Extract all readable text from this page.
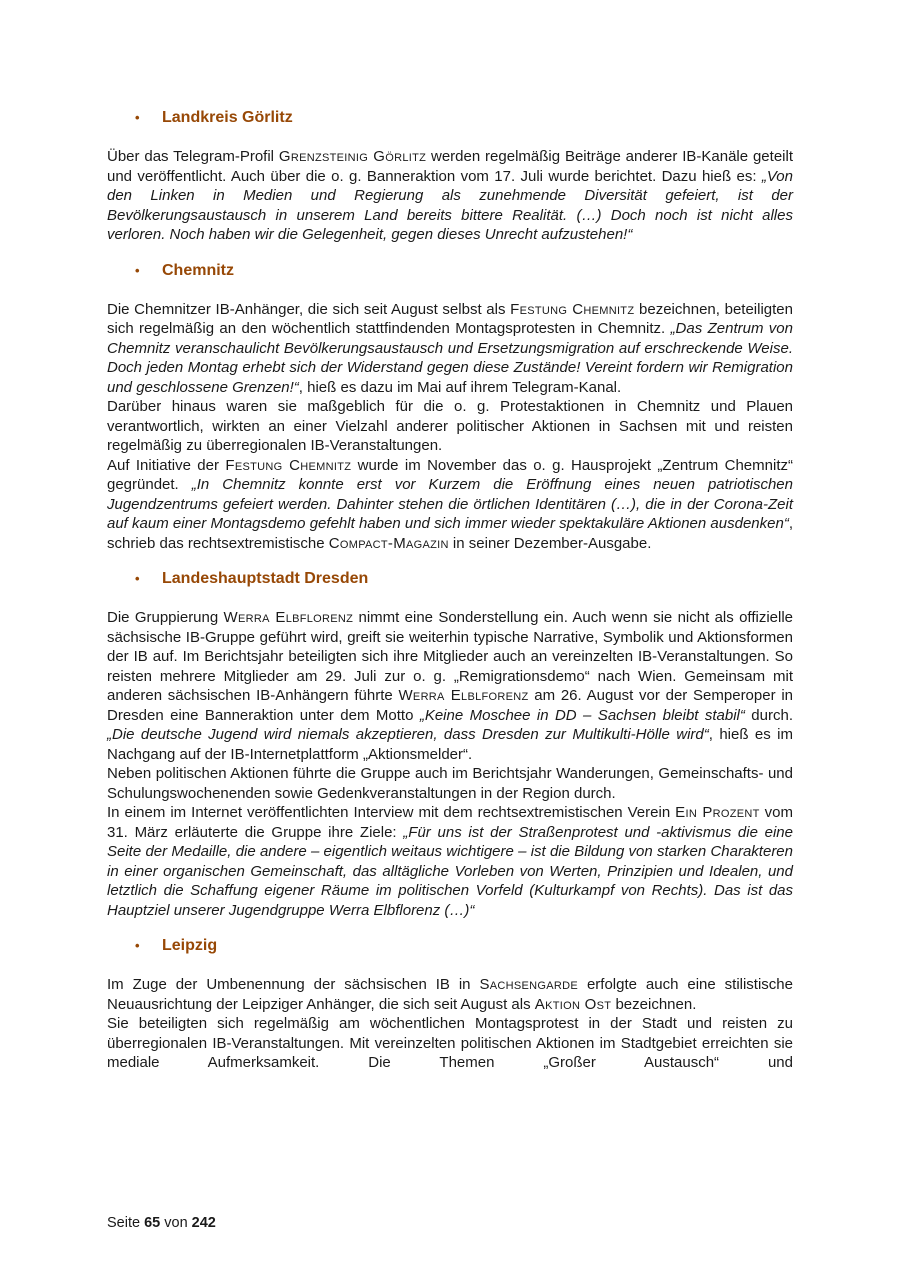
•	Landkreis Görlitz

Über das Telegram-Profil Grenzsteinig Görlitz werden regelmäßig Beiträge anderer IB-Kanäle geteilt und veröffentlicht. Auch über die o. g. Banneraktion vom 17. Juli wurde berichtet. Dazu hieß es: „Von den Linken in Medien und Regierung als zunehmende Diversität gefeiert, ist der Bevölkerungsaustausch in unserem Land bereits bittere Realität. (…) Doch noch ist nicht alles verloren. Noch haben wir die Gelegenheit, gegen dieses Unrecht aufzustehen!“

•	Chemnitz

Die Chemnitzer IB-Anhänger, die sich seit August selbst als Festung Chemnitz bezeichnen, beteiligten sich regelmäßig an den wöchentlich stattfindenden Montagsprotesten in Chemnitz. „Das Zentrum von Chemnitz veranschaulicht Bevölkerungsaustausch und Ersetzungsmigration auf erschreckende Weise. Doch jeden Montag erhebt sich der Widerstand gegen diese Zustände! Vereint fordern wir Remigration und geschlossene Grenzen!“, hieß es dazu im Mai auf ihrem Telegram-Kanal.

Darüber hinaus waren sie maßgeblich für die o. g. Protestaktionen in Chemnitz und Plauen verantwortlich, wirkten an einer Vielzahl anderer politischer Aktionen in Sachsen mit und reisten regelmäßig zu überregionalen IB-Veranstaltungen.

Auf Initiative der Festung Chemnitz wurde im November das o. g. Hausprojekt „Zentrum Chemnitz“ gegründet. „In Chemnitz konnte erst vor Kurzem die Eröffnung eines neuen patriotischen Jugendzentrums gefeiert werden. Dahinter stehen die örtlichen Identitären (…), die in der Corona-Zeit auf kaum einer Montagsdemo gefehlt haben und sich immer wieder spektakuläre Aktionen ausdenken“, schrieb das rechtsextremistische Compact-Magazin in seiner Dezember-Ausgabe.

•	Landeshauptstadt Dresden

Die Gruppierung Werra Elbflorenz nimmt eine Sonderstellung ein. Auch wenn sie nicht als offizielle sächsische IB-Gruppe geführt wird, greift sie weiterhin typische Narrative, Symbolik und Aktionsformen der IB auf. Im Berichtsjahr beteiligten sich ihre Mitglieder auch an vereinzelten IB-Veranstaltungen. So reisten mehrere Mitglieder am 29. Juli zur o. g. „Remigrationsdemo“ nach Wien. Gemeinsam mit anderen sächsischen IB-Anhängern führte Werra Elblforenz am 26. August vor der Semperoper in Dresden eine Banneraktion unter dem Motto „Keine Moschee in DD – Sachsen bleibt stabil“ durch. „Die deutsche Jugend wird niemals akzeptieren, dass Dresden zur Multikulti-Hölle wird“, hieß es im Nachgang auf der IB-Internetplattform „Aktionsmelder“.

Neben politischen Aktionen führte die Gruppe auch im Berichtsjahr Wanderungen, Gemeinschafts- und Schulungswochenenden sowie Gedenkveranstaltungen in der Region durch.

In einem im Internet veröffentlichten Interview mit dem rechtsextremistischen Verein Ein Prozent vom 31. März erläuterte die Gruppe ihre Ziele: „Für uns ist der Straßenprotest und -aktivismus die eine Seite der Medaille, die andere – eigentlich weitaus wichtigere – ist die Bildung von starken Charakteren in einer organischen Gemeinschaft, das alltägliche Vorleben von Werten, Prinzipien und Idealen, und letztlich die Schaffung eigener Räume im politischen Vorfeld (Kulturkampf von Rechts). Das ist das Hauptziel unserer Jugendgruppe Werra Elbflorenz (…)“

•	Leipzig

Im Zuge der Umbenennung der sächsischen IB in Sachsengarde erfolgte auch eine stilistische Neuausrichtung der Leipziger Anhänger, die sich seit August als Aktion Ost bezeichnen.

Sie beteiligten sich regelmäßig am wöchentlichen Montagsprotest in der Stadt und reisten zu überregionalen IB-Veranstaltungen. Mit vereinzelten politischen Aktionen im Stadtgebiet erreichten sie mediale Aufmerksamkeit. Die Themen „Großer Austausch“ und

Seite 65 von 242
